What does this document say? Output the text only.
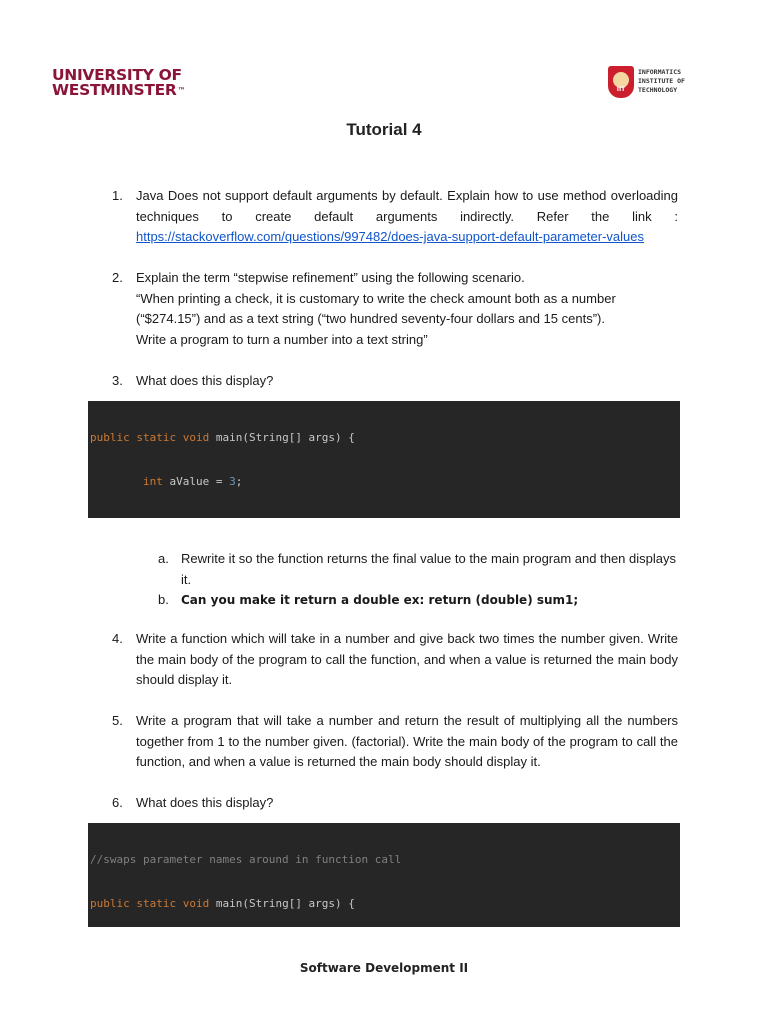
UNIVERSITY OF
WESTMINSTER™	IIT
INFORMATICS
INSTITUTE OF
TECHNOLOGY
Tutorial 4
1. Java Does not support default arguments by default. Explain how to use method overloading techniques to create default arguments indirectly. Refer the link : https://stackoverflow.com/questions/997482/does-java-support-default-parameter-values
2. Explain the term “stepwise refinement” using the following scenario.
“When printing a check, it is customary to write the check amount both as a number (“$274.15”) and as a text string (“two hundred seventy-four dollars and 15 cents”).
Write a program to turn a number into a text string”
3. What does this display?

public static void main(String[] args) {

int aValue = 3;

a. Rewrite it so the function returns the final value to the main program and then displays it.
b. Can you make it return a double ex: return (double) sum1;
4. Write a function which will take in a number and give back two times the number given. Write the main body of the program to call the function, and when a value is returned the main body should display it.
5. Write a program that will take a number and return the result of multiplying all the numbers together from 1 to the number given. (factorial). Write the main body of the program to call the function, and when a value is returned the main body should display it.
6. What does this display?

//swaps parameter names around in function call

public static void main(String[] args) {

Software Development II
